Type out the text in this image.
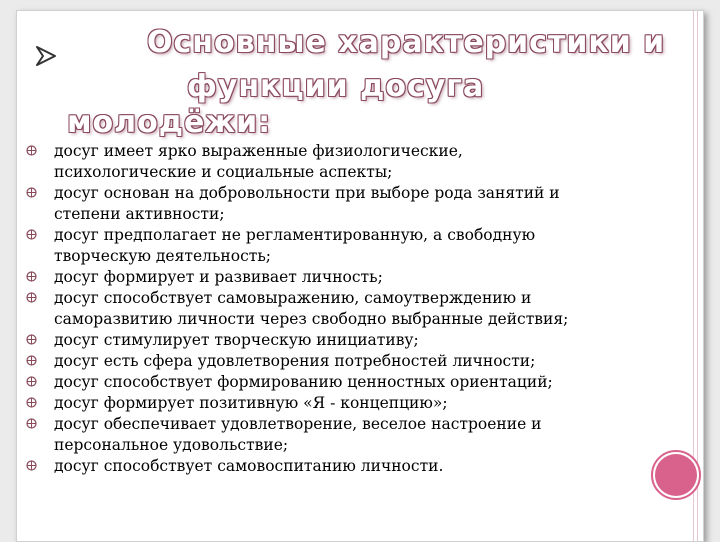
Основные характеристики и
функции досуга
молодёжи:
досуг имеет ярко выраженные физиологические,
психологические и социальные аспекты;
досуг основан на добровольности при выборе рода занятий и
степени активности;
досуг предполагает не регламентированную, а свободную
творческую деятельность;
досуг формирует и развивает личность;
досуг способствует самовыражению, самоутверждению и
саморазвитию личности через свободно выбранные действия;
досуг стимулирует творческую инициативу;
досуг есть сфера удовлетворения потребностей личности;
досуг способствует формированию ценностных ориентаций;
досуг формирует позитивную «Я - концепцию»;
досуг обеспечивает удовлетворение, веселое настроение и
персональное удовольствие;
досуг способствует самовоспитанию личности.
